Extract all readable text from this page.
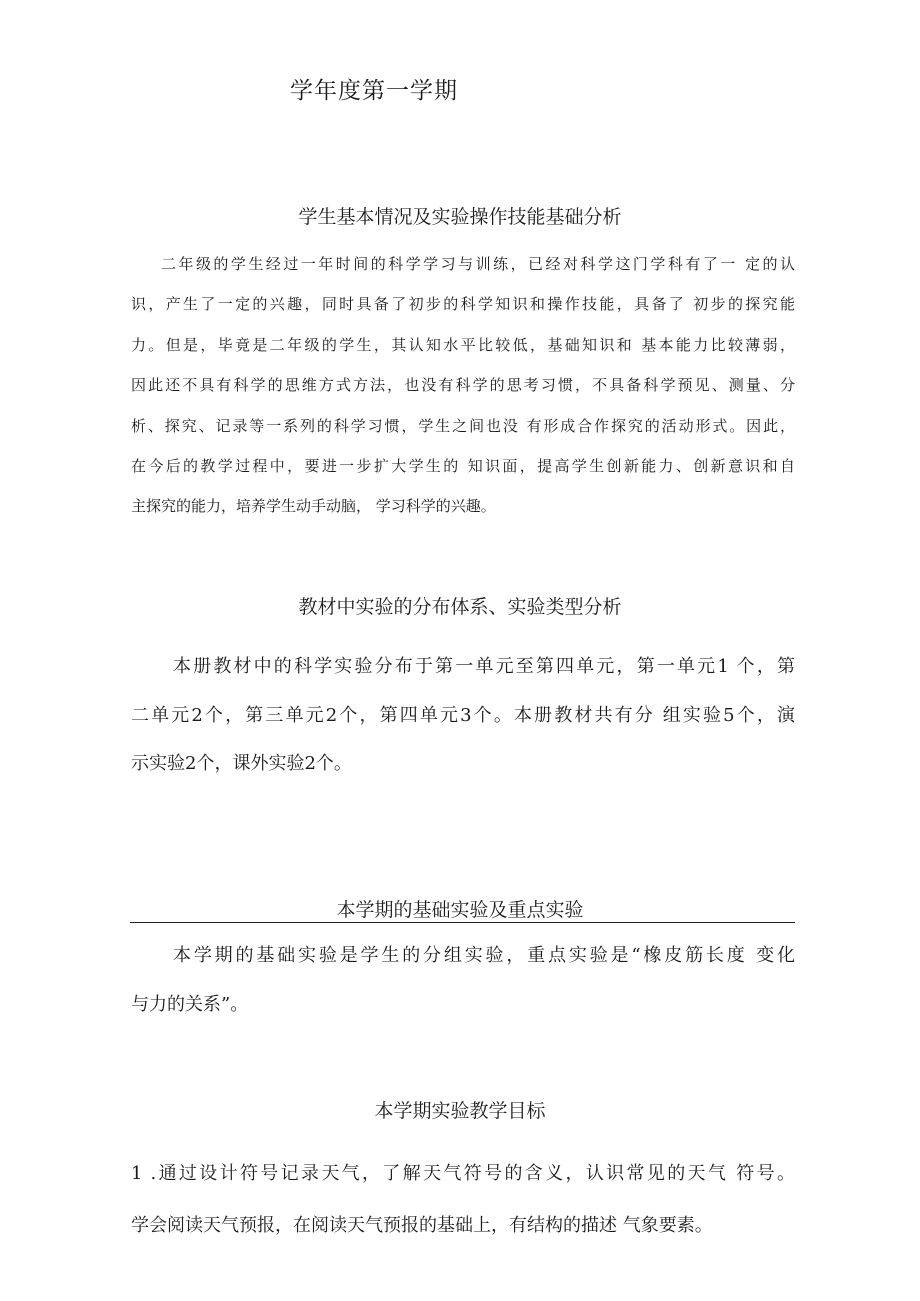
学年度第一学期
学生基本情况及实验操作技能基础分析
二年级的学生经过一年时间的科学学习与训练，已经对科学这门学科有了一 定的认
识，产生了一定的兴趣，同时具备了初步的科学知识和操作技能，具备了 初步的探究能
力。但是，毕竟是二年级的学生，其认知水平比较低，基础知识和 基本能力比较薄弱，
因此还不具有科学的思维方式方法，也没有科学的思考习惯，不具备科学预见、测量、分
析、探究、记录等一系列的科学习惯，学生之间也没 有形成合作探究的活动形式。因此，
在今后的教学过程中，要进一步扩大学生的 知识面，提高学生创新能力、创新意识和自
主探究的能力，培养学生动手动脑， 学习科学的兴趣。
教材中实验的分布体系、实验类型分析
本册教材中的科学实验分布于第一单元至第四单元，第一单元1 个，第
二单元2个，第三单元2个，第四单元3个。本册教材共有分 组实验5个，演
示实验2个，课外实验2个。
本学期的基础实验及重点实验
本学期的基础实验是学生的分组实验，重点实验是“橡皮筋长度 变化
与力的关系”。
本学期实验教学目标
1 .通过设计符号记录天气，了解天气符号的含义，认识常见的天气 符号。
学会阅读天气预报，在阅读天气预报的基础上，有结构的描述 气象要素。
